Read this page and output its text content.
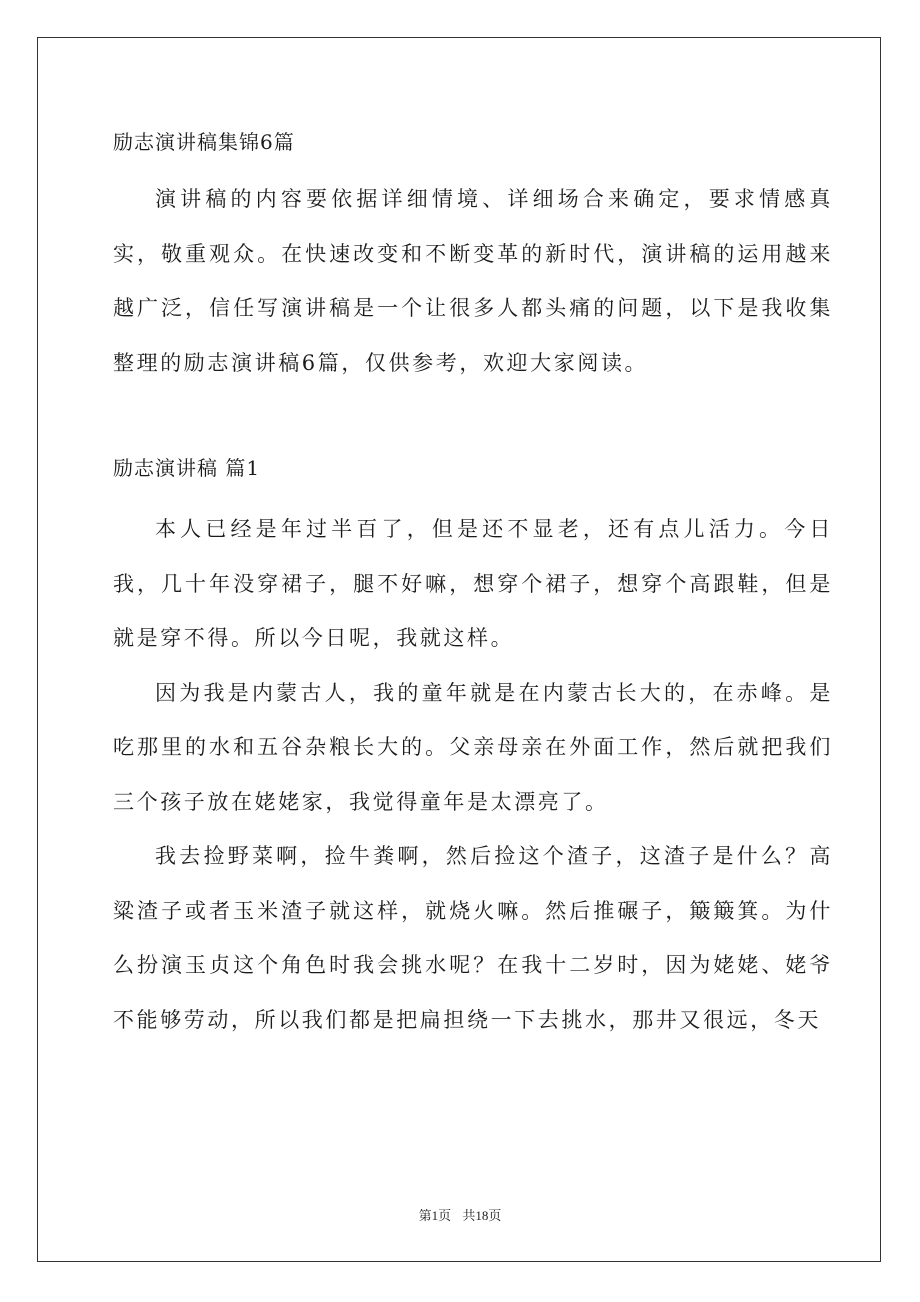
励志演讲稿集锦6篇

演讲稿的内容要依据详细情境、详细场合来确定，要求情感真实，敬重观众。在快速改变和不断变革的新时代，演讲稿的运用越来越广泛，信任写演讲稿是一个让很多人都头痛的问题，以下是我收集整理的励志演讲稿6篇，仅供参考，欢迎大家阅读。

励志演讲稿 篇1

本人已经是年过半百了，但是还不显老，还有点儿活力。今日我，几十年没穿裙子，腿不好嘛，想穿个裙子，想穿个高跟鞋，但是就是穿不得。所以今日呢，我就这样。

因为我是内蒙古人，我的童年就是在内蒙古长大的，在赤峰。是吃那里的水和五谷杂粮长大的。父亲母亲在外面工作，然后就把我们三个孩子放在姥姥家，我觉得童年是太漂亮了。

我去捡野菜啊，捡牛粪啊，然后捡这个渣子，这渣子是什么？高粱渣子或者玉米渣子就这样，就烧火嘛。然后推碾子，簸簸箕。为什么扮演玉贞这个角色时我会挑水呢？在我十二岁时，因为姥姥、姥爷不能够劳动，所以我们都是把扁担绕一下去挑水，那井又很远，冬天

第1页 共18页
